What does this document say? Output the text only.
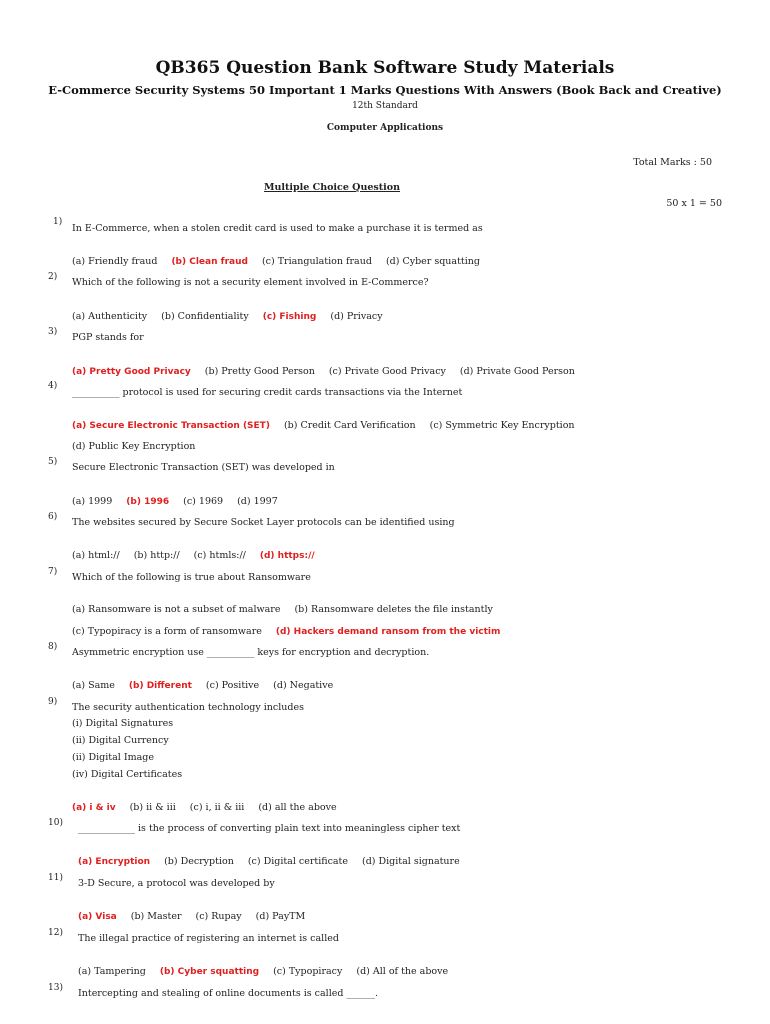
QB365 Question Bank Software Study Materials
E-Commerce Security Systems 50 Important 1 Marks Questions With Answers (Book Back and Creative)
12th Standard
Computer Applications
Total Marks : 50
Multiple Choice Question
50 x 1 = 50
1)
In E-Commerce, when a stolen credit card is used to make a purchase it is termed as
(a) Friendly fraud (b) Clean fraud (c) Triangulation fraud (d) Cyber squatting
2) Which of the following is not a security element involved in E-Commerce?
(a) Authenticity (b) Confidentiality (c) Fishing (d) Privacy
3) PGP stands for
(a) Pretty Good Privacy (b) Pretty Good Person (c) Private Good Privacy (d) Private Good Person
4)
__________ protocol is used for securing credit cards transactions via the Internet
(a) Secure Electronic Transaction (SET) (b) Credit Card Verification (c) Symmetric Key Encryption
(d) Public Key Encryption
5) Secure Electronic Transaction (SET) was developed in
(a) 1999 (b) 1996 (c) 1969 (d) 1997
6) The websites secured by Secure Socket Layer protocols can be identified using
(a) html:// (b) http:// (c) htmls:// (d) https://
7) Which of the following is true about Ransomware
(a) Ransomware is not a subset of malware (b) Ransomware deletes the file instantly
(c) Typopiracy is a form of ransomware (d) Hackers demand ransom from the victim
8) Asymmetric encryption use __________ keys for encryption and decryption.
(a) Same (b) Different (c) Positive (d) Negative
9) The security authentication technology includes
(i) Digital Signatures
(ii) Digital Currency
(ii) Digital Image
(iv) Digital Certificates
(a) i & iv (b) ii & iii (c) i, ii & iii (d) all the above
10) ____________ is the process of converting plain text into meaningless cipher text
(a) Encryption (b) Decryption (c) Digital certificate (d) Digital signature
11) 3-D Secure, a protocol was developed by
(a) Visa (b) Master (c) Rupay (d) PayTM
12) The illegal practice of registering an internet is called
(a) Tampering (b) Cyber squatting (c) Typopiracy (d) All of the above
13) Intercepting and stealing of online documents is called ______.
